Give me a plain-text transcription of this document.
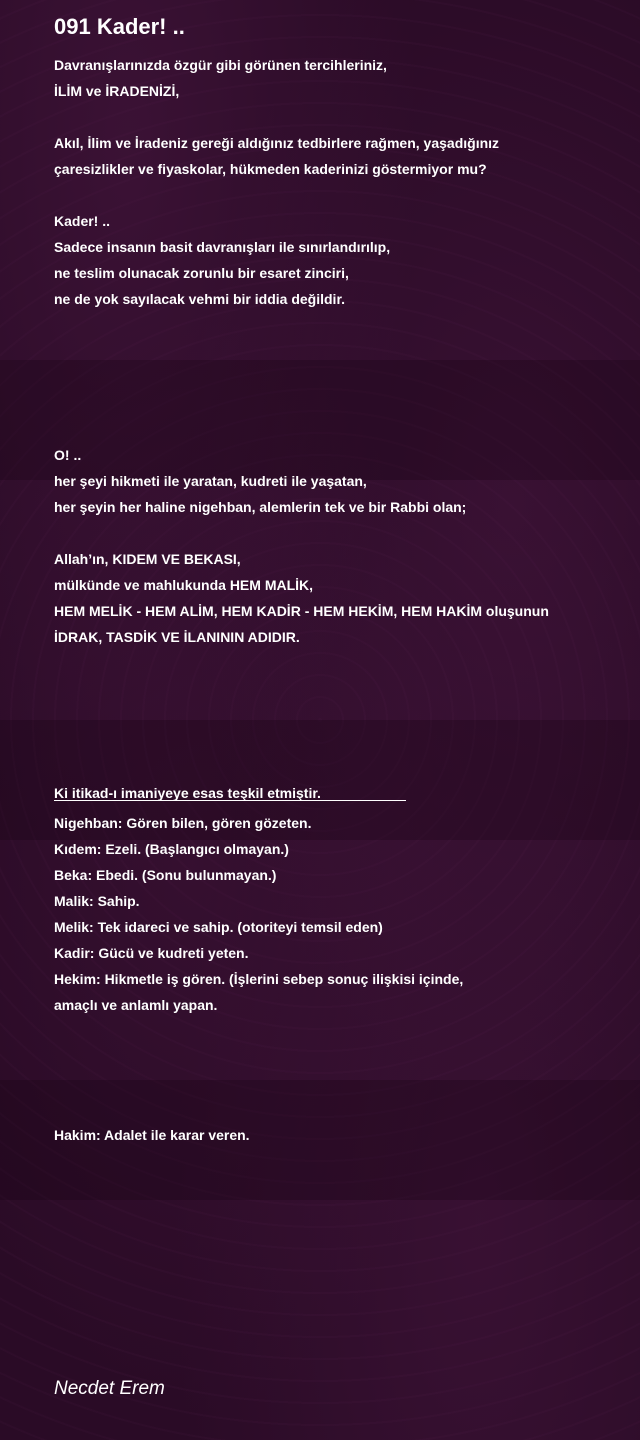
091 Kader! ..
Davranışlarınızda özgür gibi görünen tercihleriniz,
İLİM ve İRADENİZİ,
Akıl, İlim ve İradeniz gereği aldığınız tedbirlere rağmen, yaşadığınız
çaresizlikler ve fiyaskolar, hükmeden kaderinizi göstermiyor mu?
Kader! ..
Sadece insanın basit davranışları ile sınırlandırılıp,
ne teslim olunacak zorunlu bir esaret zinciri,
ne de yok sayılacak vehmi bir iddia değildir.
O! ..
her şeyi hikmeti ile yaratan, kudreti ile yaşatan,
her şeyin her haline nigehban, alemlerin tek ve bir Rabbi olan;
Allah’ın, KIDEM VE BEKASI,
mülkünde ve mahlukunda HEM MALİK,
HEM MELİK - HEM ALİM, HEM KADİR - HEM HEKİM, HEM HAKİM oluşunun
İDRAK, TASDİK VE İLANININ ADIDIR.
Ki itikad-ı imaniyeye esas teşkil etmiştir.
Nigehban: Gören bilen, gören gözeten.
Kıdem: Ezeli. (Başlangıcı olmayan.)
Beka: Ebedi. (Sonu bulunmayan.)
Malik: Sahip.
Melik: Tek idareci ve sahip. (otoriteyi temsil eden)
Kadir: Gücü ve kudreti yeten.
Hekim: Hikmetle iş gören. (İşlerini sebep sonuç ilişkisi içinde,
amaçlı ve anlamlı yapan.
Hakim: Adalet ile karar veren.
Necdet Erem
